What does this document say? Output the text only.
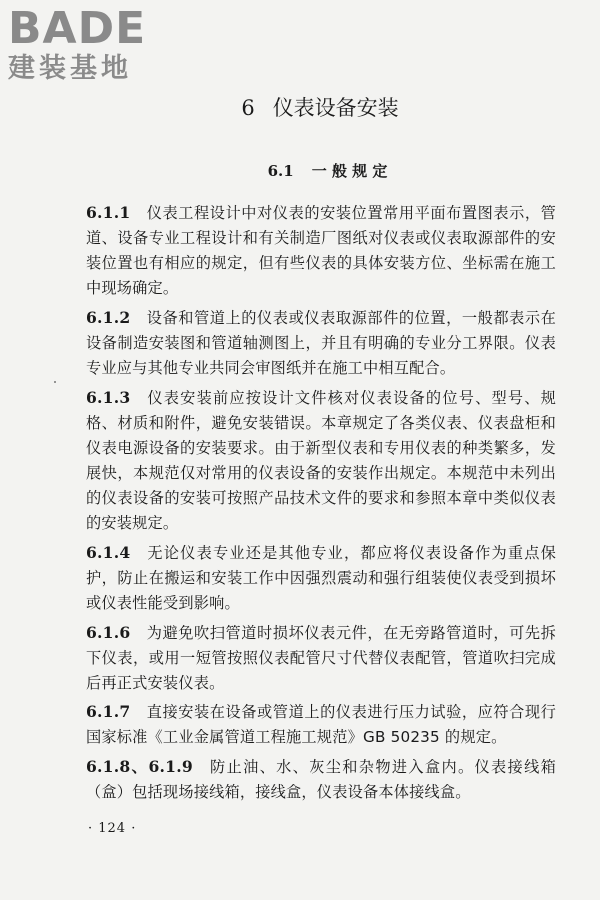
BADE
建装基地
6 仪表设备安装
6.1 一 般 规 定

6.1.1 仪表工程设计中对仪表的安装位置常用平面布置图表示，管道、设备专业工程设计和有关制造厂图纸对仪表或仪表取源部件的安装位置也有相应的规定，但有些仪表的具体安装方位、坐标需在施工中现场确定。

6.1.2 设备和管道上的仪表或仪表取源部件的位置，一般都表示在设备制造安装图和管道轴测图上，并且有明确的专业分工界限。仪表专业应与其他专业共同会审图纸并在施工中相互配合。

6.1.3 仪表安装前应按设计文件核对仪表设备的位号、型号、规格、材质和附件，避免安装错误。本章规定了各类仪表、仪表盘柜和仪表电源设备的安装要求。由于新型仪表和专用仪表的种类繁多，发展快，本规范仅对常用的仪表设备的安装作出规定。本规范中未列出的仪表设备的安装可按照产品技术文件的要求和参照本章中类似仪表的安装规定。

6.1.4 无论仪表专业还是其他专业，都应将仪表设备作为重点保护，防止在搬运和安装工作中因强烈震动和强行组装使仪表受到损坏或仪表性能受到影响。

6.1.6 为避免吹扫管道时损坏仪表元件，在无旁路管道时，可先拆下仪表，或用一短管按照仪表配管尺寸代替仪表配管，管道吹扫完成后再正式安装仪表。

6.1.7 直接安装在设备或管道上的仪表进行压力试验，应符合现行国家标准《工业金属管道工程施工规范》GB 50235 的规定。

6.1.8、6.1.9 防止油、水、灰尘和杂物进入盒内。仪表接线箱（盒）包括现场接线箱，接线盒，仪表设备本体接线盒。

· 124 ·
